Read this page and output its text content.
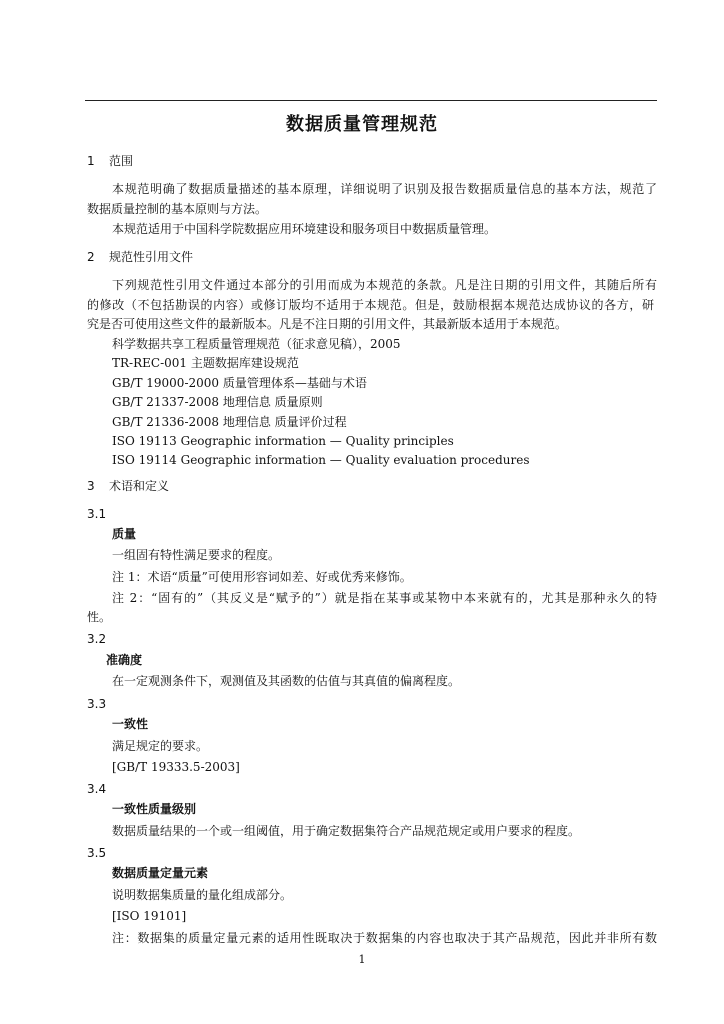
数据质量管理规范
1 范围
本规范明确了数据质量描述的基本原理，详细说明了识别及报告数据质量信息的基本方法，规范了
数据质量控制的基本原则与方法。
本规范适用于中国科学院数据应用环境建设和服务项目中数据质量管理。
2 规范性引用文件
下列规范性引用文件通过本部分的引用而成为本规范的条款。凡是注日期的引用文件，其随后所有
的修改（不包括勘误的内容）或修订版均不适用于本规范。但是，鼓励根据本规范达成协议的各方，研
究是否可使用这些文件的最新版本。凡是不注日期的引用文件，其最新版本适用于本规范。
科学数据共享工程质量管理规范（征求意见稿），2005
TR-REC-001 主题数据库建设规范
GB/T 19000-2000 质量管理体系—基础与术语
GB/T 21337-2008 地理信息 质量原则
GB/T 21336-2008 地理信息 质量评价过程
ISO 19113 Geographic information — Quality principles
ISO 19114 Geographic information — Quality evaluation procedures
3 术语和定义
3.1
质量
一组固有特性满足要求的程度。
注 1：术语“质量”可使用形容词如差、好或优秀来修饰。
注 2：“固有的”（其反义是“赋予的”）就是指在某事或某物中本来就有的，尤其是那种永久的特
性。
3.2
准确度
在一定观测条件下，观测值及其函数的估值与其真值的偏离程度。
3.3
一致性
满足规定的要求。
[GB/T 19333.5-2003]
3.4
一致性质量级别
数据质量结果的一个或一组阈值，用于确定数据集符合产品规范规定或用户要求的程度。
3.5
数据质量定量元素
说明数据集质量的量化组成部分。
[ISO 19101]
注：数据集的质量定量元素的适用性既取决于数据集的内容也取决于其产品规范，因此并非所有数
1
